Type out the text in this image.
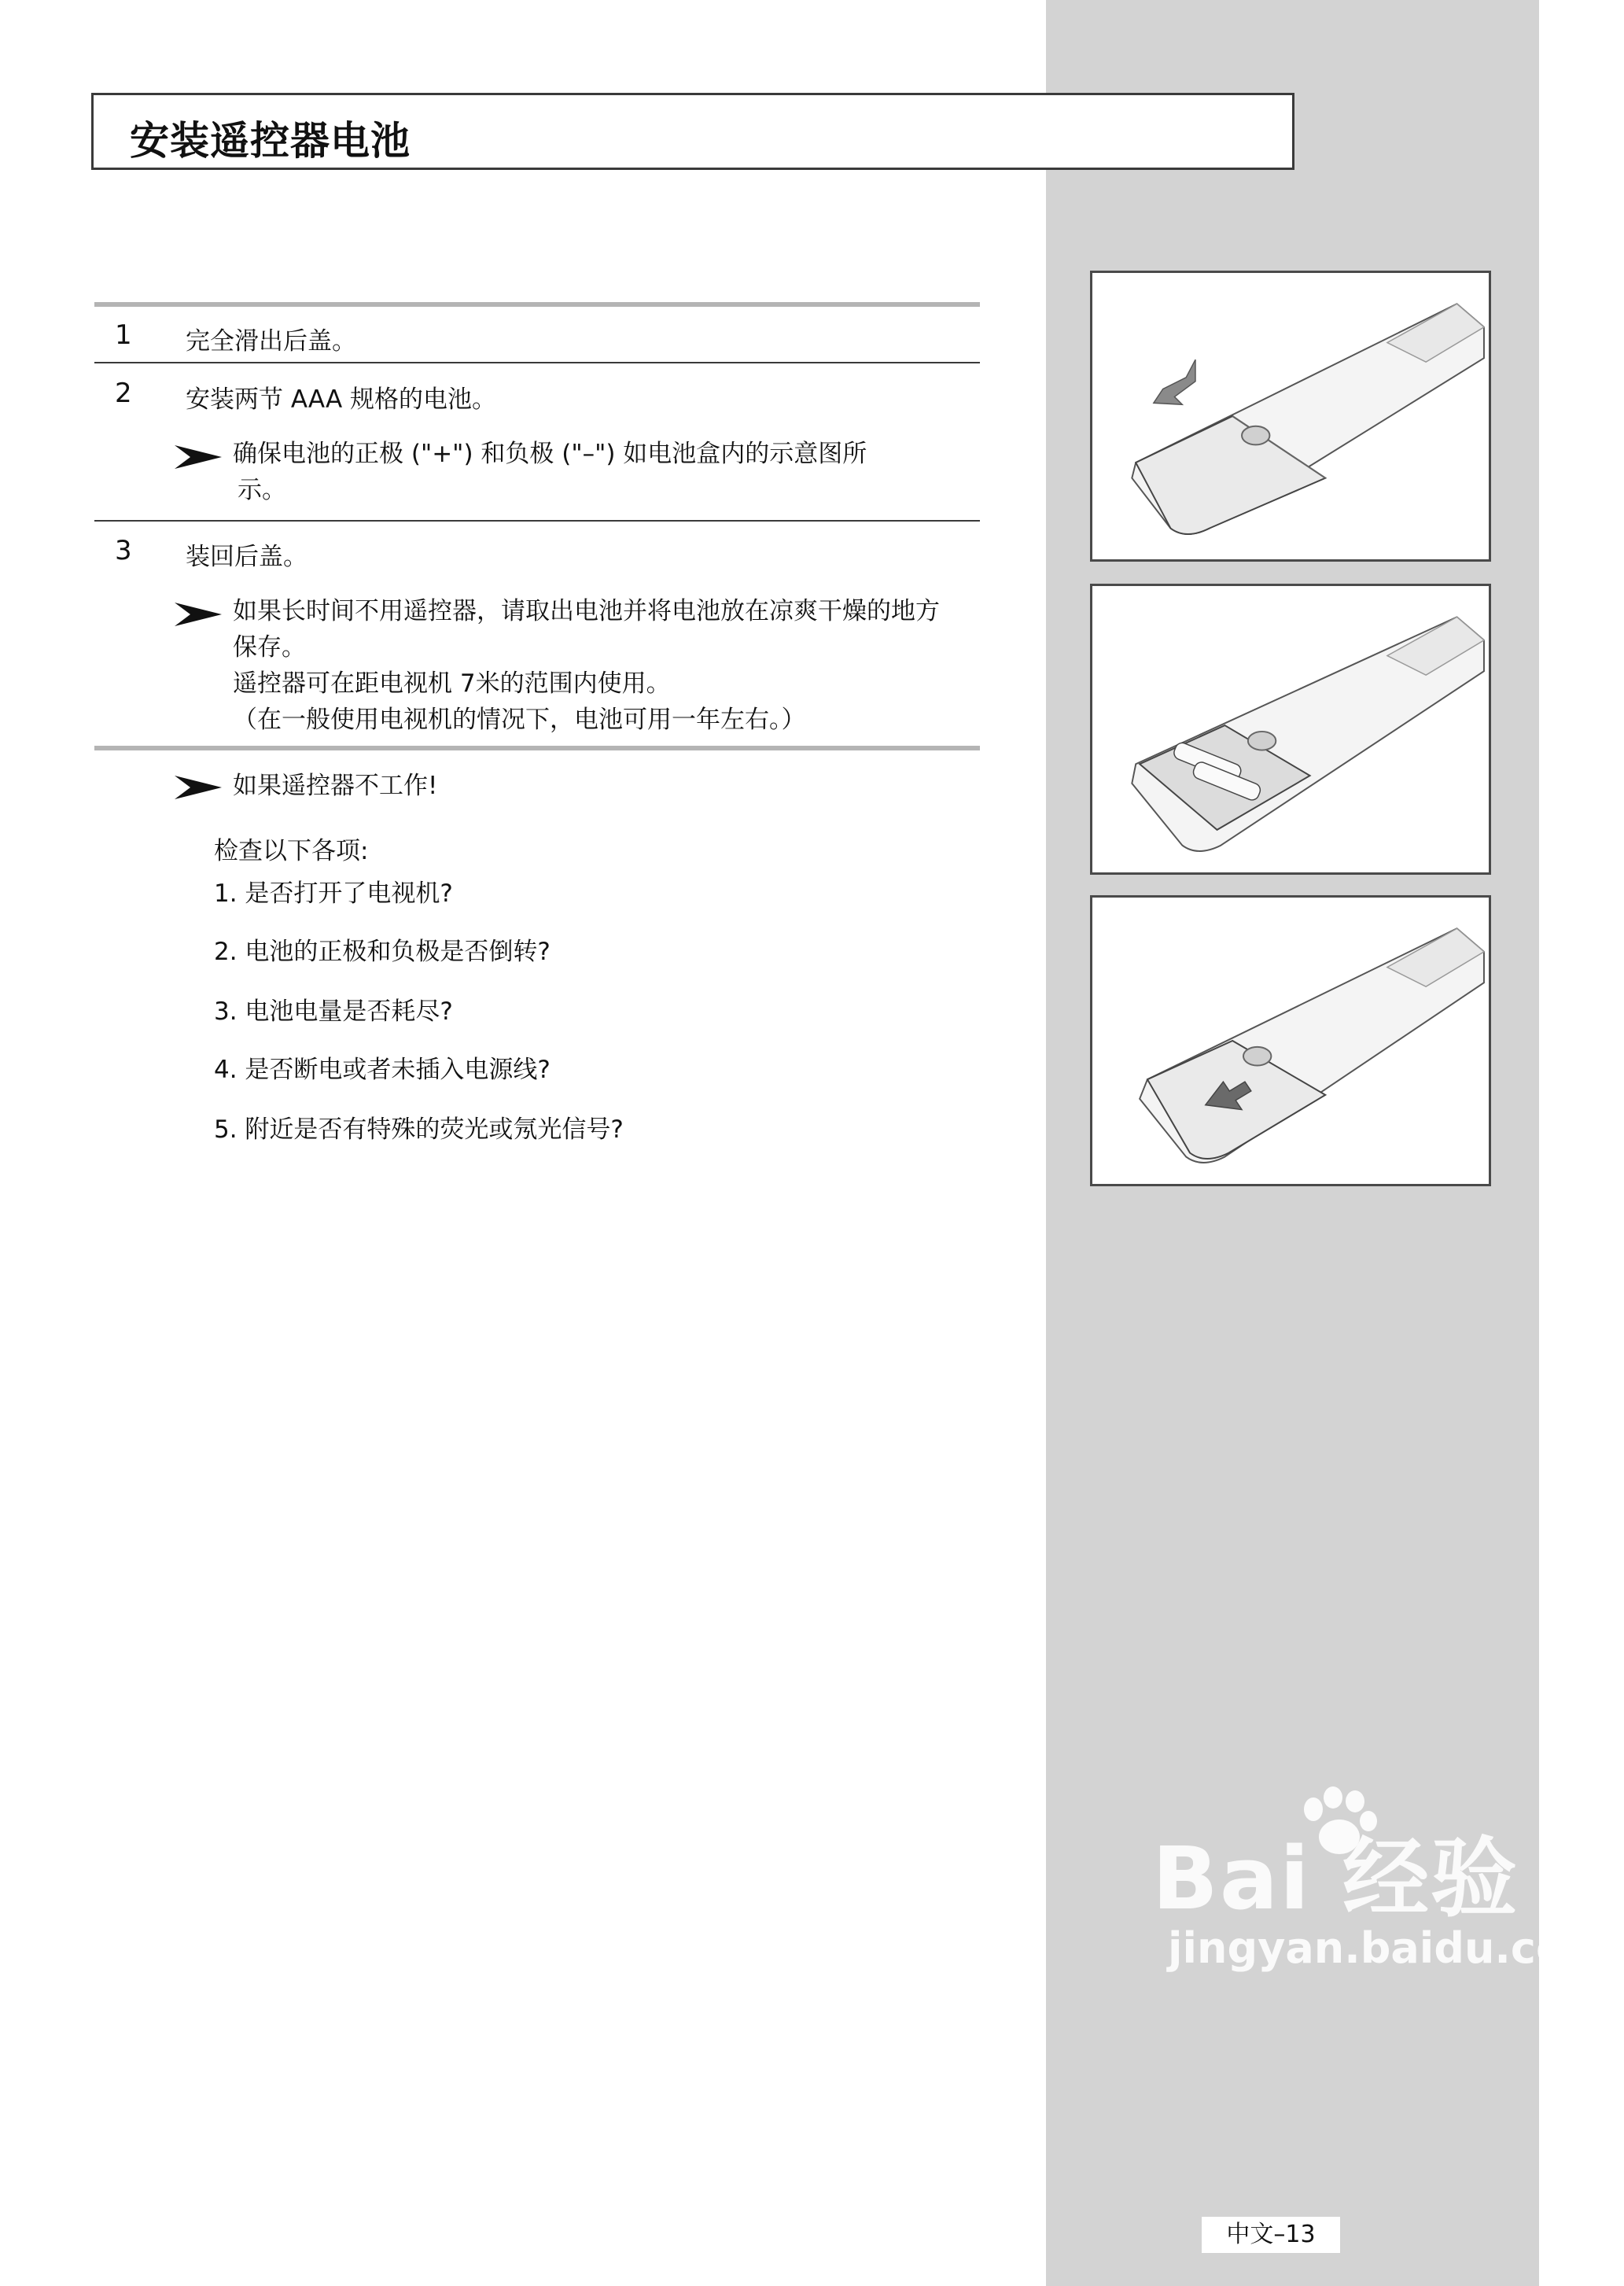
安装遥控器电池
1 完全滑出后盖。
2 安装两节 AAA 规格的电池。
确保电池的正极 ("+") 和负极 ("–") 如电池盒内的示意图所
示。
3 装回后盖。
如果长时间不用遥控器，请取出电池并将电池放在凉爽干燥的地方
保存。
遥控器可在距电视机 7米的范围内使用。
（在一般使用电视机的情况下，电池可用一年左右。）
如果遥控器不工作!
检查以下各项:
1. 是否打开了电视机?
2. 电池的正极和负极是否倒转?
3. 电池电量是否耗尽?
4. 是否断电或者未插入电源线?
5. 附近是否有特殊的荧光或氖光信号?
Bai 经验
jingyan.baidu.com
中文–13
